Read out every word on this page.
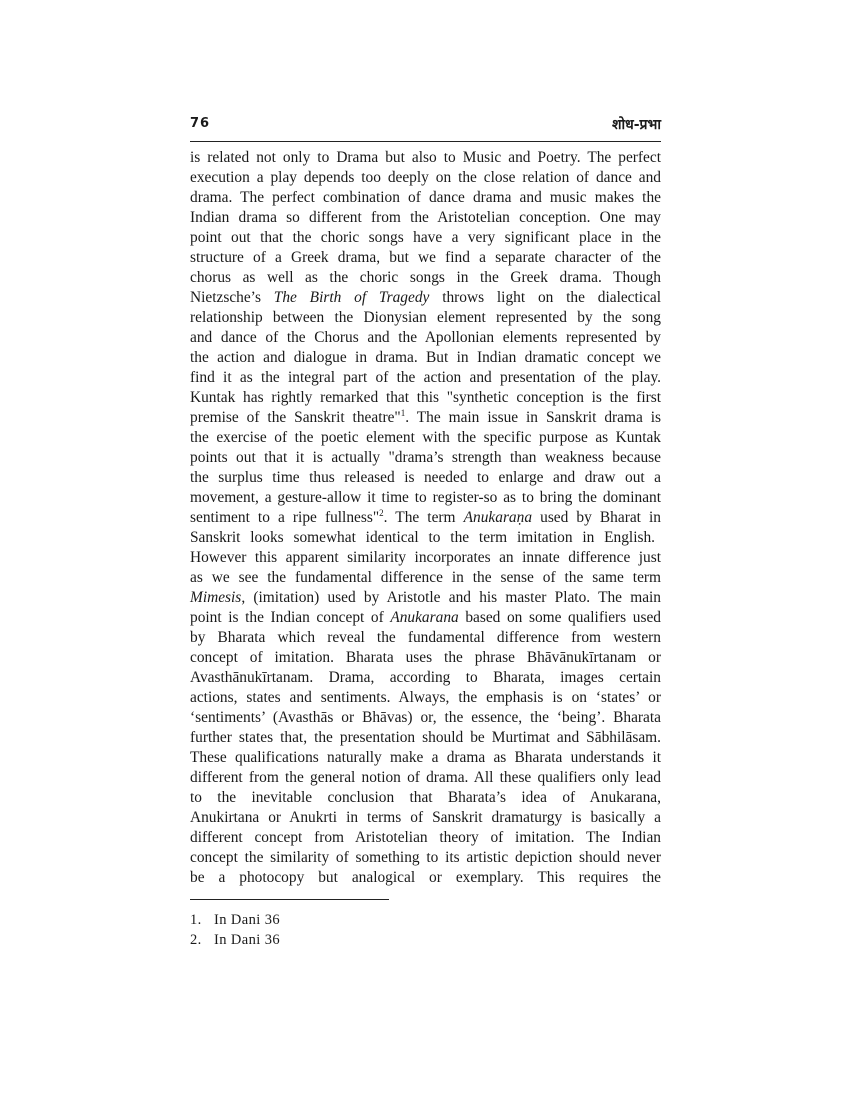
76	शोध-प्रभा
is related not only to Drama but also to Music and Poetry. The perfect
execution a play depends too deeply on the close relation of dance and
drama. The perfect combination of dance drama and music makes the
Indian drama so different from the Aristotelian conception. One may
point out that the choric songs have a very significant place in the
structure of a Greek drama, but we find a separate character of the
chorus as well as the choric songs in the Greek drama. Though
Nietzsche’s The Birth of Tragedy throws light on the dialectical
relationship between the Dionysian element represented by the song
and dance of the Chorus and the Apollonian elements represented by
the action and dialogue in drama. But in Indian dramatic concept we
find it as the integral part of the action and presentation of the play.
Kuntak has rightly remarked that this "synthetic conception is the first
premise of the Sanskrit theatre"$^1$. The main issue in Sanskrit drama is
the exercise of the poetic element with the specific purpose as Kuntak
points out that it is actually "drama’s strength than weakness because
the surplus time thus released is needed to enlarge and draw out a
movement, a gesture-allow it time to register-so as to bring the dominant
sentiment to a ripe fullness"$^2$. The term Anukaraṇa used by Bharat in
Sanskrit looks somewhat identical to the term imitation in English.
However this apparent similarity incorporates an innate difference just
as we see the fundamental difference in the sense of the same term
Mimesis, (imitation) used by Aristotle and his master Plato. The main
point is the Indian concept of Anukarana based on some qualifiers used
by Bharata which reveal the fundamental difference from western
concept of imitation. Bharata uses the phrase Bhāvānukīrtanam or
Avasthānukīrtanam. Drama, according to Bharata, images certain
actions, states and sentiments. Always, the emphasis is on ‘states’ or
‘sentiments’ (Avasthās or Bhāvas) or, the essence, the ‘being’. Bharata
further states that, the presentation should be Murtimat and Sābhilāsam.
These qualifications naturally make a drama as Bharata understands it
different from the general notion of drama. All these qualifiers only lead
to the inevitable conclusion that Bharata’s idea of Anukarana,
Anukirtana or Anukrti in terms of Sanskrit dramaturgy is basically a
different concept from Aristotelian theory of imitation. The Indian
concept the similarity of something to its artistic depiction should never
be a photocopy but analogical or exemplary. This requires the
1. In Dani 36
2. In Dani 36
